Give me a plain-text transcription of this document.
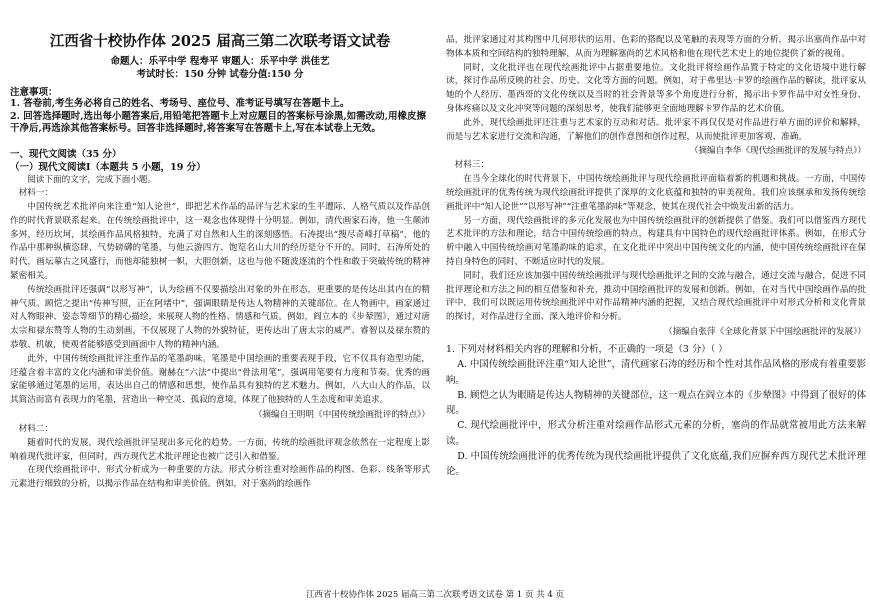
江西省十校协作体 2025 届高三第二次联考语文试卷
命题人：乐平中学 程寿平 审题人：乐平中学 洪佳艺
考试时长：150 分钟 试卷分值:150 分
注意事项：
1. 答卷前,考生务必将自己的姓名、考场号、座位号、准考证号填写在答题卡上。
2. 回答选择题时,选出每小题答案后,用铅笔把答题卡上对应题目的答案标号涂黑,如需改动,用橡皮擦干净后,再选涂其他答案标号。回答非选择题时,将答案写在答题卡上,写在本试卷上无效。
一、现代文阅读（35 分）
（一）现代文阅读Ⅰ（本题共 5 小题，19 分）

阅读下面的文字，完成下面小题。

材料一：

中国传统艺术批评向来注重“知人论世”，即把艺术作品的品评与艺术家的生平遭际、人格气质以及作品创作的时代背景联系起来。在传统绘画批评中，这一观念也体现得十分明显。例如，清代画家石涛，他一生颠沛多舛，经历坎坷，其绘画作品风格独特，充满了对自然和人生的深刻感悟。石涛提出“搜尽奇峰打草稿”，他的作品中那种纵横恣肆、气势磅礴的笔墨，与他云游四方、饱览名山大川的经历是分不开的。同时，石涛所处的时代，画坛摹古之风盛行，而他却能独树一帜，大胆创新，这也与他不随波逐流的个性和敢于突破传统的精神紧密相关。

传统绘画批评还强调“以形写神”，认为绘画不仅要描绘出对象的外在形态，更重要的是传达出其内在的精神气质。顾恺之提出“传神写照，正在阿堵中”，强调眼睛是传达人物精神的关键部位。在人物画中，画家通过对人物眼神、姿态等细节的精心描绘，来展现人物的性格、情感和气质。例如，阎立本的《步辇图》，通过对唐太宗和禄东赞等人物的生动刻画，不仅展现了人物的外貌特征，更传达出了唐太宗的威严、睿智以及禄东赞的恭敬、机敏，使观者能够感受到画面中人物的精神内涵。

此外，中国传统绘画批评注重作品的笔墨韵味。笔墨是中国绘画的重要表现手段，它不仅具有造型功能，还蕴含着丰富的文化内涵和审美价值。谢赫在“六法”中提出“骨法用笔”，强调用笔要有力度和节奏。优秀的画家能够通过笔墨的运用，表达出自己的情感和思想，使作品具有独特的艺术魅力。例如，八大山人的作品，以其简洁而富有表现力的笔墨，营造出一种空灵、孤寂的意境，体现了他独特的人生态度和审美追求。

（摘编自王明明《中国传统绘画批评的特点》）
材料二：

随着时代的发展，现代绘画批评呈现出多元化的趋势。一方面，传统的绘画批评观念依然在一定程度上影响着现代批评家，但同时，西方现代艺术批评理论也被广泛引入和借鉴。

在现代绘画批评中，形式分析成为一种重要的方法。形式分析注重对绘画作品的构图、色彩、线条等形式元素进行细致的分析，以揭示作品在结构和审美价值。例如，对于塞尚的绘画作

品，批评家通过对其构图中几何形状的运用、色彩的搭配以及笔触的表现等方面的分析，揭示出塞尚作品中对物体本质和空间结构的独特理解，从而为理解塞尚的艺术风格和他在现代艺术史上的地位提供了新的视角。

同时，文化批评也在现代绘画批评中占据重要地位。文化批评将绘画作品置于特定的文化语境中进行解读，探讨作品所反映的社会、历史、文化等方面的问题。例如，对于弗里达·卡罗的绘画作品的解读，批评家从她的个人经历、墨西哥的文化传统以及当时的社会背景等多个角度进行分析，揭示出卡罗作品中对女性身份、身体疼痛以及文化冲突等问题的深刻思考，使我们能够更全面地理解卡罗作品的艺术价值。

此外，现代绘画批评还注重与艺术家的互动和对话。批评家不再仅仅是对作品进行单方面的评价和解释，而是与艺术家进行交流和沟通，了解他们的创作意图和创作过程，从而使批评更加客观、准确。

（摘编自李华《现代绘画批评的发展与特点》）
材料三：

在当今全球化的时代背景下，中国传统绘画批评与现代绘画批评面临着新的机遇和挑战。一方面，中国传统绘画批评的优秀传统为现代绘画批评提供了深厚的文化底蕴和独特的审美视角。我们应该继承和发扬传统绘画批评中“知人论世”“以形写神”“注重笔墨韵味”等观念，使其在现代社会中焕发出新的活力。

另一方面，现代绘画批评的多元化发展也为中国传统绘画批评的创新提供了借鉴。我们可以借鉴西方现代艺术批评的方法和理论，结合中国传统绘画的特点，构建具有中国特色的现代绘画批评体系。例如，在形式分析中融入中国传统绘画对笔墨韵味的追求，在文化批评中突出中国传统文化的内涵，使中国传统绘画批评在保持自身特色的同时，不断适应时代的发展。

同时，我们还应该加强中国传统绘画批评与现代绘画批评之间的交流与融合，通过交流与融合，促进不同批评理论和方法之间的相互借鉴和补充，推动中国绘画批评的发展和创新。例如，在对当代中国绘画作品的批评中，我们可以既运用传统绘画批评中对作品精神内涵的把握，又结合现代绘画批评中对形式分析和文化背景的探讨，对作品进行全面、深入地评价和分析。

（摘编自张萍《全球化背景下中国绘画批评的发展》）
1. 下列对材料相关内容的理解和分析，不正确的一项是（3 分）（ ）
A. 中国传统绘画批评注重“知人论世”，清代画家石涛的经历和个性对其作品风格的形成有着重要影响。
B. 顾恺之认为眼睛是传达人物精神的关键部位，这一观点在阎立本的《步辇图》中得到了很好的体现。
C. 现代绘画批评中，形式分析注重对绘画作品形式元素的分析，塞尚的作品就常被用此方法来解读。
D. 中国传统绘画批评的优秀传统为现代绘画批评提供了文化底蕴,我们应摒弃西方现代艺术批评理论。
江西省十校协作体 2025 届高三第二次联考语文试卷 第 1 页 共 4 页
